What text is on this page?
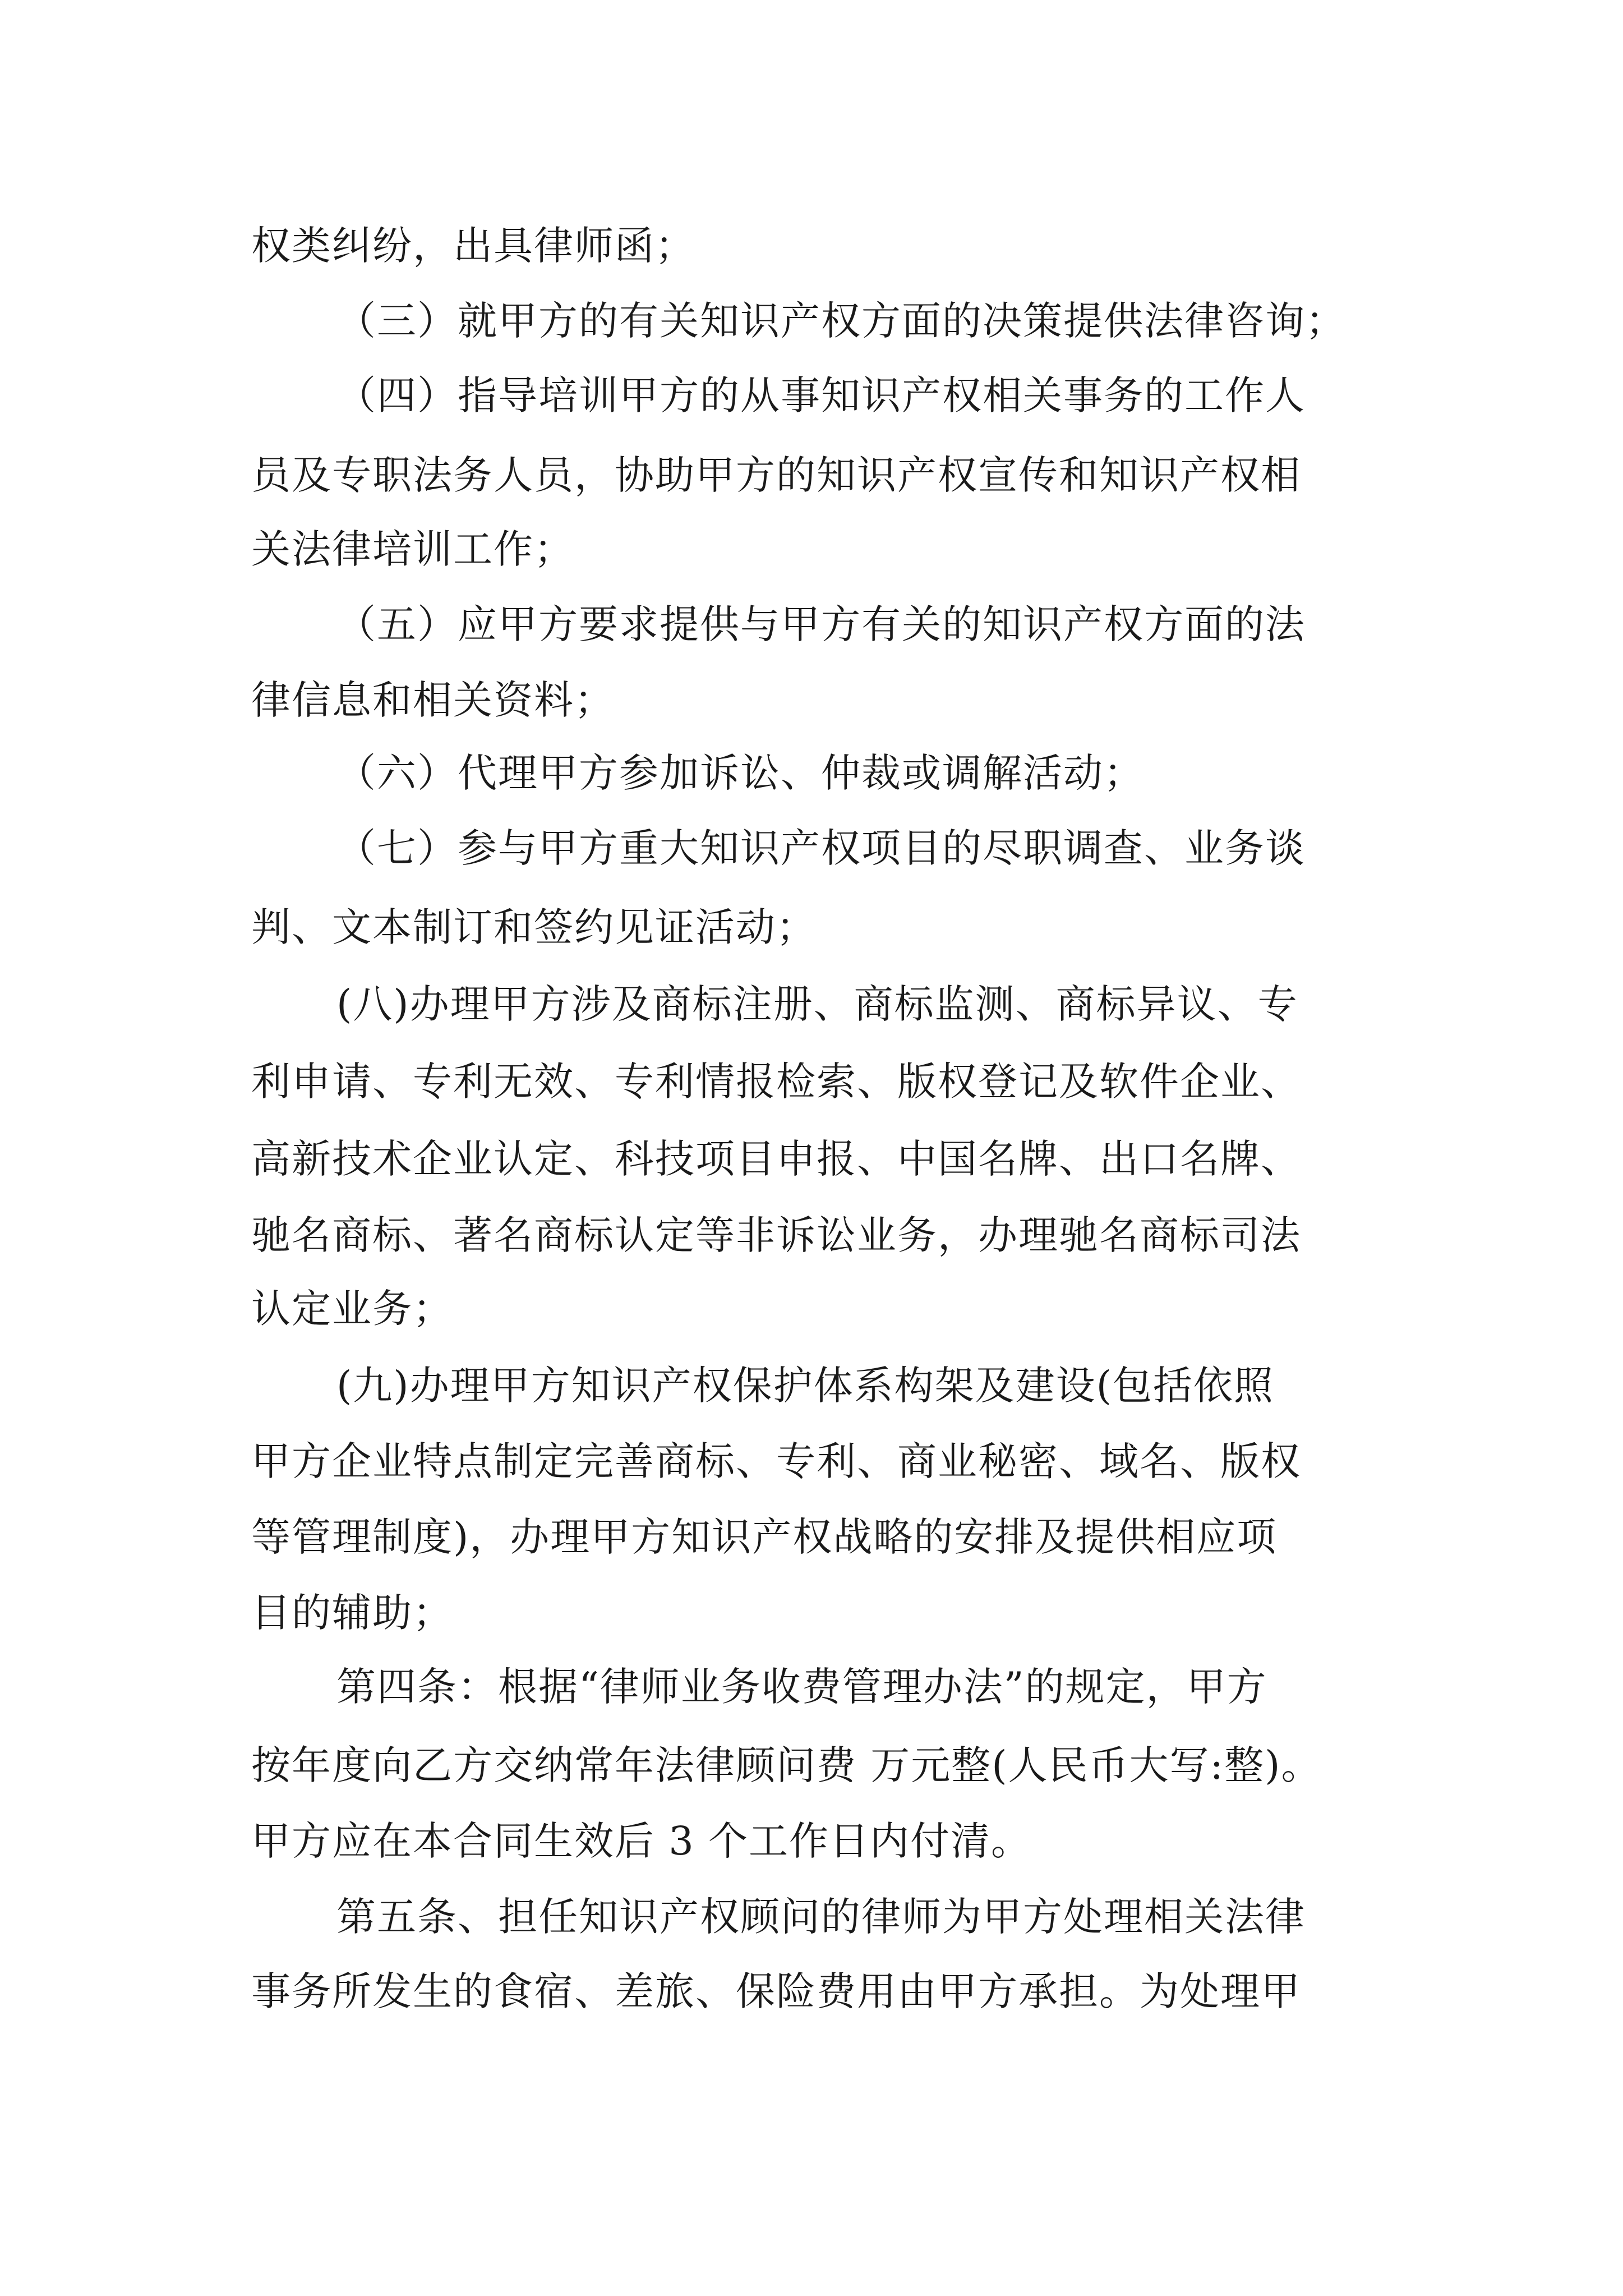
权类纠纷，出具律师函；
（三）就甲方的有关知识产权方面的决策提供法律咨询；
（四）指导培训甲方的从事知识产权相关事务的工作人
员及专职法务人员，协助甲方的知识产权宣传和知识产权相
关法律培训工作；
（五）应甲方要求提供与甲方有关的知识产权方面的法
律信息和相关资料；
（六）代理甲方参加诉讼、仲裁或调解活动；
（七）参与甲方重大知识产权项目的尽职调查、业务谈
判、文本制订和签约见证活动；
(八)办理甲方涉及商标注册、商标监测、商标异议、专
利申请、专利无效、专利情报检索、版权登记及软件企业、
高新技术企业认定、科技项目申报、中国名牌、出口名牌、
驰名商标、著名商标认定等非诉讼业务，办理驰名商标司法
认定业务；
(九)办理甲方知识产权保护体系构架及建设(包括依照
甲方企业特点制定完善商标、专利、商业秘密、域名、版权
等管理制度)，办理甲方知识产权战略的安排及提供相应项
目的辅助；
第四条：根据“律师业务收费管理办法”的规定，甲方
按年度向乙方交纳常年法律顾问费 万元整(人民币大写:整)。
甲方应在本合同生效后 3 个工作日内付清。
第五条、担任知识产权顾问的律师为甲方处理相关法律
事务所发生的食宿、差旅、保险费用由甲方承担。为处理甲
